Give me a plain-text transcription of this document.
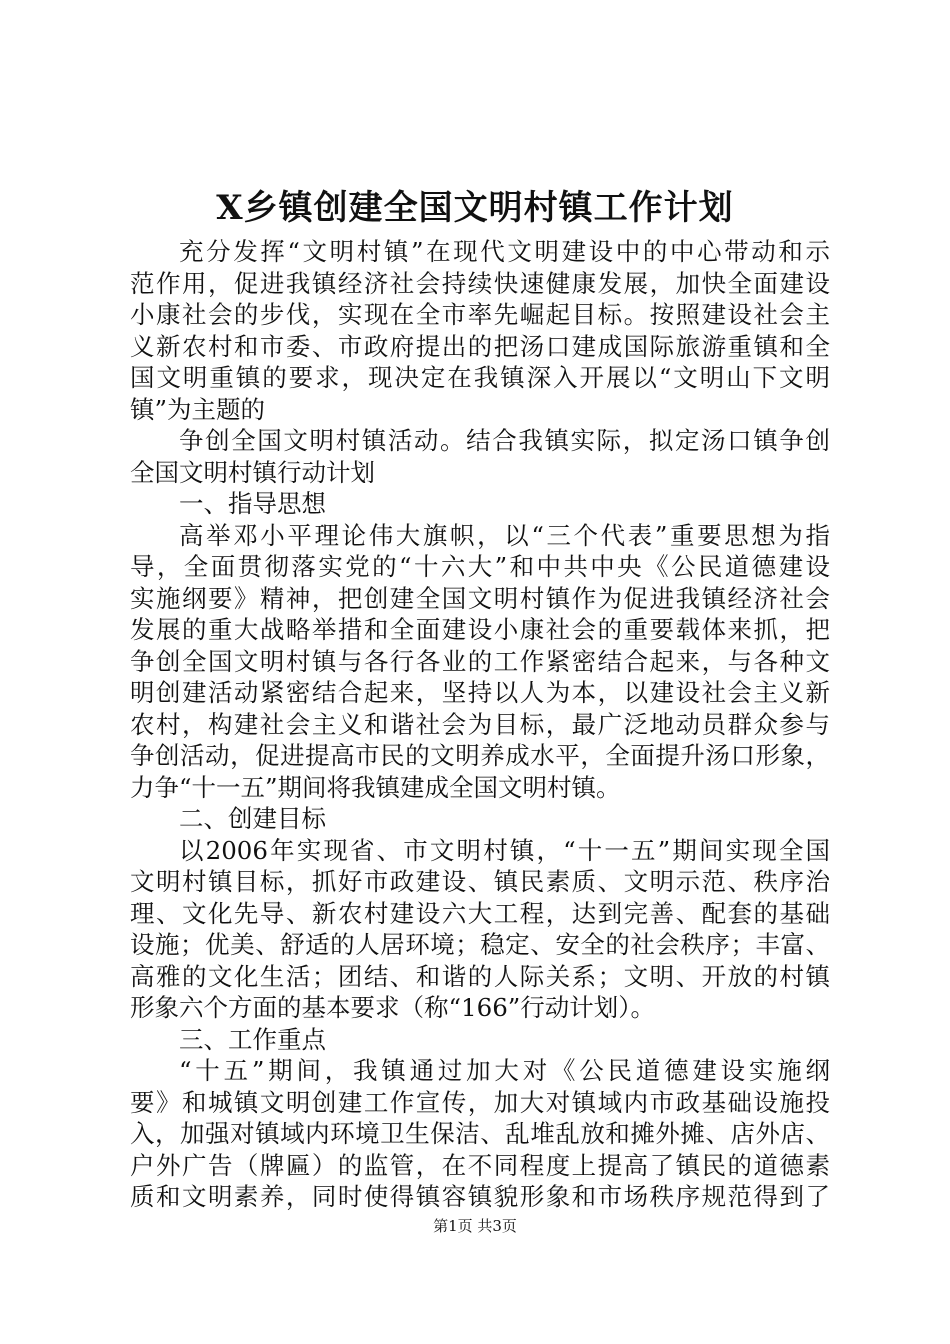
X乡镇创建全国文明村镇工作计划
充分发挥“文明村镇”在现代文明建设中的中心带动和示
范作用，促进我镇经济社会持续快速健康发展，加快全面建设
小康社会的步伐，实现在全市率先崛起目标。按照建设社会主
义新农村和市委、市政府提出的把汤口建成国际旅游重镇和全
国文明重镇的要求，现决定在我镇深入开展以“文明山下文明
镇”为主题的
争创全国文明村镇活动。结合我镇实际，拟定汤口镇争创
全国文明村镇行动计划
一、指导思想
高举邓小平理论伟大旗帜，以“三个代表”重要思想为指
导，全面贯彻落实党的“十六大”和中共中央《公民道德建设
实施纲要》精神，把创建全国文明村镇作为促进我镇经济社会
发展的重大战略举措和全面建设小康社会的重要载体来抓，把
争创全国文明村镇与各行各业的工作紧密结合起来，与各种文
明创建活动紧密结合起来，坚持以人为本，以建设社会主义新
农村，构建社会主义和谐社会为目标，最广泛地动员群众参与
争创活动，促进提高市民的文明养成水平，全面提升汤口形象，
力争“十一五”期间将我镇建成全国文明村镇。
二、创建目标
以2006年实现省、市文明村镇，“十一五”期间实现全国
文明村镇目标，抓好市政建设、镇民素质、文明示范、秩序治
理、文化先导、新农村建设六大工程，达到完善、配套的基础
设施；优美、舒适的人居环境；稳定、安全的社会秩序；丰富、
高雅的文化生活；团结、和谐的人际关系；文明、开放的村镇
形象六个方面的基本要求（称“166”行动计划）。
三、工作重点
“十五”期间，我镇通过加大对《公民道德建设实施纲
要》和城镇文明创建工作宣传，加大对镇域内市政基础设施投
入，加强对镇域内环境卫生保洁、乱堆乱放和摊外摊、店外店、
户外广告（牌匾）的监管，在不同程度上提高了镇民的道德素
质和文明素养，同时使得镇容镇貌形象和市场秩序规范得到了
第1页 共3页
